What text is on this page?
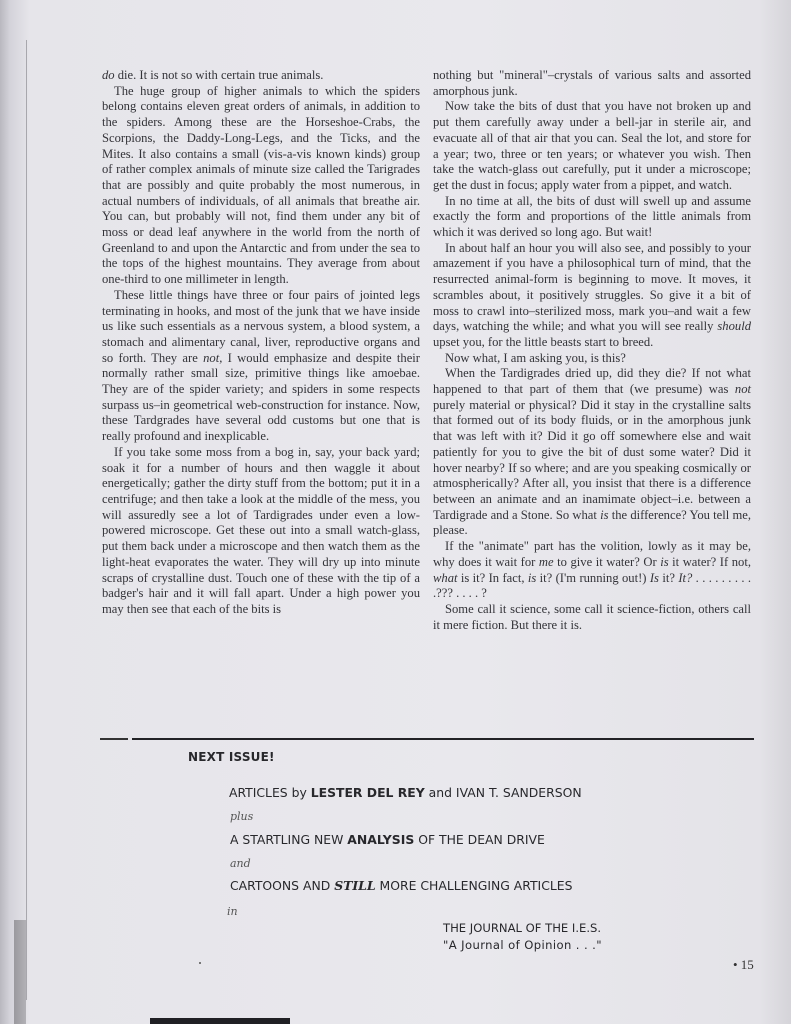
do die. It is not so with certain true animals.

The huge group of higher animals to which the spiders belong contains eleven great orders of animals, in addition to the spiders. Among these are the Horseshoe-Crabs, the Scorpions, the Daddy-Long-Legs, and the Ticks, and the Mites. It also contains a small (vis-a-vis known kinds) group of rather complex animals of minute size called the Tarigrades that are possibly and quite probably the most numerous, in actual numbers of individuals, of all animals that breathe air. You can, but probably will not, find them under any bit of moss or dead leaf anywhere in the world from the north of Greenland to and upon the Antarctic and from under the sea to the tops of the highest mountains. They average from about one-third to one millimeter in length.

These little things have three or four pairs of jointed legs terminating in hooks, and most of the junk that we have inside us like such essentials as a nervous system, a blood system, a stomach and alimentary canal, liver, reproductive organs and so forth. They are not, I would emphasize and despite their normally rather small size, primitive things like amoebae. They are of the spider variety; and spiders in some respects surpass us–in geometrical web-construction for instance. Now, these Tardgrades have several odd customs but one that is really profound and inexplicable.

If you take some moss from a bog in, say, your back yard; soak it for a number of hours and then waggle it about energetically; gather the dirty stuff from the bottom; put it in a centrifuge; and then take a look at the middle of the mess, you will assuredly see a lot of Tardigrades under even a low-powered microscope. Get these out into a small watch-glass, put them back under a microscope and then watch them as the light-heat evaporates the water. They will dry up into minute scraps of crystalline dust. Touch one of these with the tip of a badger's hair and it will fall apart. Under a high power you may then see that each of the bits is

nothing but "mineral"–crystals of various salts and assorted amorphous junk.

Now take the bits of dust that you have not broken up and put them carefully away under a bell-jar in sterile air, and evacuate all of that air that you can. Seal the lot, and store for a year; two, three or ten years; or whatever you wish. Then take the watch-glass out carefully, put it under a microscope; get the dust in focus; apply water from a pippet, and watch.

In no time at all, the bits of dust will swell up and assume exactly the form and proportions of the little animals from which it was derived so long ago. But wait!

In about half an hour you will also see, and possibly to your amazement if you have a philosophical turn of mind, that the resurrected animal-form is beginning to move. It moves, it scrambles about, it positively struggles. So give it a bit of moss to crawl into–sterilized moss, mark you–and wait a few days, watching the while; and what you will see really should upset you, for the little beasts start to breed.

Now what, I am asking you, is this?

When the Tardigrades dried up, did they die? If not what happened to that part of them that (we presume) was not purely material or physical? Did it stay in the crystalline salts that formed out of its body fluids, or in the amorphous junk that was left with it? Did it go off somewhere else and wait patiently for you to give the bit of dust some water? Did it hover nearby? If so where; and are you speaking cosmically or atmospherically? After all, you insist that there is a difference between an animate and an inamimate object–i.e. between a Tardigrade and a Stone. So what is the difference? You tell me, please.

If the "animate" part has the volition, lowly as it may be, why does it wait for me to give it water? Or is it water? If not, what is it? In fact, is it? (I'm running out!) Is it? It? . . . . . . . . . .??? . . . . ?

Some call it science, some call it science-fiction, others call it mere fiction. But there it is.

NEXT ISSUE!
ARTICLES by LESTER DEL REY and IVAN T. SANDERSON
plus
A STARTLING NEW ANALYSIS OF THE DEAN DRIVE
and
CARTOONS AND STILL MORE CHALLENGING ARTICLES
in
THE JOURNAL OF THE I.E.S.
"A Journal of Opinion . . ."
• 15
